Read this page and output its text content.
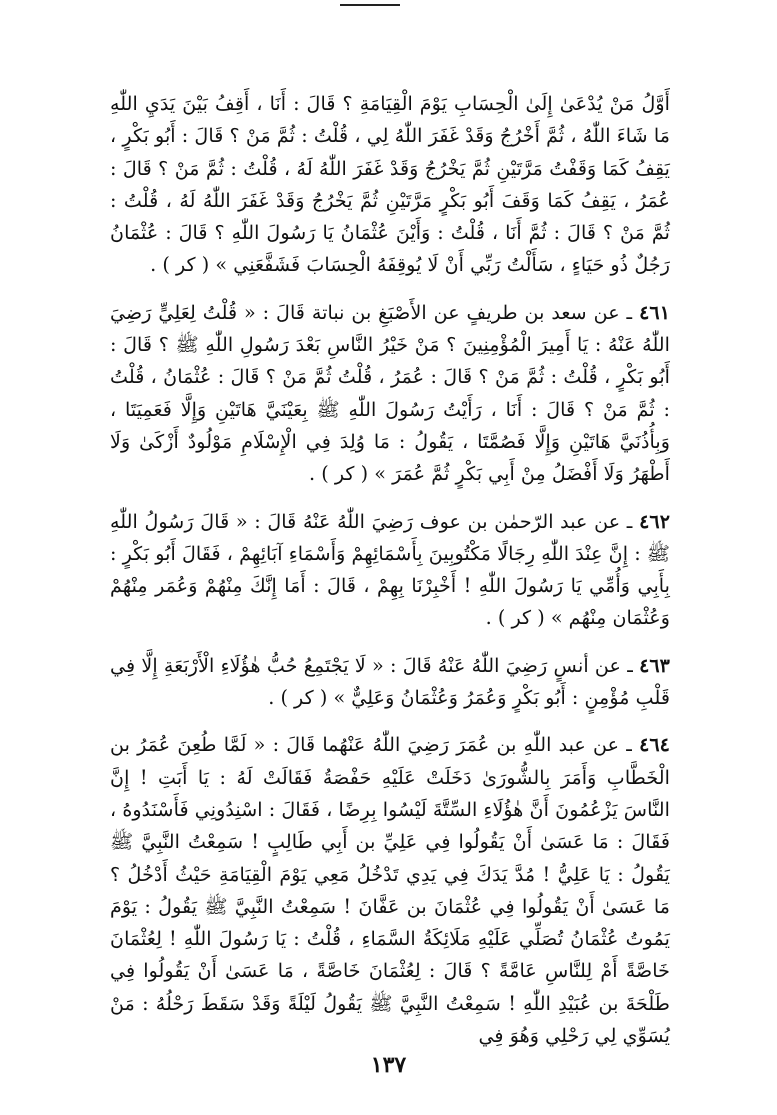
أَوَّلُ مَنْ يُدْعَىٰ إِلَىٰ الْحِسَابِ يَوْمَ الْقِيَامَةِ ؟ قَالَ : أَنَا ، أَقِفُ بَيْنَ يَدَيِ اللّٰهِ مَا شَاءَ اللّٰهُ ، ثُمَّ أَخْرُجُ وَقَدْ غَفَرَ اللّٰهُ لِي ، قُلْتُ : ثُمَّ مَنْ ؟ قَالَ : أَبُو بَكْرٍ ، يَقِفُ كَمَا وَقَفْتُ مَرَّتَيْنِ ثُمَّ يَخْرُجُ وَقَدْ غَفَرَ اللّٰهُ لَهُ ، قُلْتُ : ثُمَّ مَنْ ؟ قَالَ : عُمَرُ ، يَقِفُ كَمَا وَقَفَ أَبُو بَكْرٍ مَرَّتَيْنِ ثُمَّ يَخْرُجُ وَقَدْ غَفَرَ اللّٰهُ لَهُ ، قُلْتُ : ثُمَّ مَنْ ؟ قَالَ : ثُمَّ أَنَا ، قُلْتُ : وَأَيْنَ عُثْمَانُ يَا رَسُولَ اللّٰهِ ؟ قَالَ : عُثْمَانُ رَجُلٌ ذُو حَيَاءٍ ، سَأَلْتُ رَبِّي أَنْ لَا يُوقِفَهُ الْحِسَابَ فَشَفَّعَنِي » ( كر ) .

٤٦١ ـ عن سعد بن طريفٍ عن الأَصْبَغِ بن نباتة قَالَ : « قُلْتُ لِعَلِيٍّ رَضِيَ اللّٰهُ عَنْهُ : يَا أَمِيرَ الْمُؤْمِنِينَ ؟ مَنْ خَيْرُ النَّاسِ بَعْدَ رَسُولِ اللّٰهِ ﷺ ؟ قَالَ : أَبُو بَكْرٍ ، قُلْتُ : ثُمَّ مَنْ ؟ قَالَ : عُمَرُ ، قُلْتُ ثُمَّ مَنْ ؟ قَالَ : عُثْمَانُ ، قُلْتُ : ثُمَّ مَنْ ؟ قَالَ : أَنَا ، رَأَيْتُ رَسُولَ اللّٰهِ ﷺ بِعَيْنَيَّ هَاتَيْنِ وَإِلَّا فَعَمِيَتَا ، وَبِأُذُنَيَّ هَاتَيْنِ وَإِلَّا فَصُمَّتَا ، يَقُولُ : مَا وُلِدَ فِي الْإِسْلَامِ مَوْلُودٌ أَزْكَىٰ وَلَا أَطْهَرُ وَلَا أَفْضَلُ مِنْ أَبِي بَكْرٍ ثُمَّ عُمَرَ » ( كر ) .

٤٦٢ ـ عن عبد الرّحمٰن بن عوف رَضِيَ اللّٰهُ عَنْهُ قَالَ : « قَالَ رَسُولُ اللّٰهِ ﷺ : إِنَّ عِنْدَ اللّٰهِ رِجَالًا مَكْتُوبِينَ بِأَسْمَائِهِمْ وَأَسْمَاءِ آبَائِهِمْ ، فَقَالَ أَبُو بَكْرٍ : بِأَبِي وَأُمِّي يَا رَسُولَ اللّٰهِ ! أَخْبِرْنَا بِهِمْ ، قَالَ : أَمَا إِنَّكَ مِنْهُمْ وَعُمَر مِنْهُمْ وَعُثْمَان مِنْهُم » ( كر ) .

٤٦٣ ـ عن أنسٍ رَضِيَ اللّٰهُ عَنْهُ قَالَ : « لَا يَجْتَمِعُ حُبُّ هٰؤُلَاءِ الْأَرْبَعَةِ إِلَّا فِي قَلْبِ مُؤْمِنٍ : أَبُو بَكْرٍ وَعُمَرُ وَعُثْمَانُ وَعَلِيٌّ » ( كر ) .

٤٦٤ ـ عن عبد اللّٰهِ بن عُمَرَ رَضِيَ اللّٰهُ عَنْهُما قَالَ : « لَمَّا طُعِنَ عُمَرُ بن الْخَطَّابِ وَأَمَرَ بِالشُّورَىٰ دَخَلَتْ عَلَيْهِ حَفْصَةُ فَقَالَتْ لَهُ : يَا أَبَتِ ! إِنَّ النَّاسَ يَزْعُمُونَ أَنَّ هٰؤُلَاءِ السِّتَّةَ لَيْسُوا بِرِضًا ، فَقَالَ : اسْنِدُونِي فَأَسْنَدُوهُ ، فَقَالَ : مَا عَسَىٰ أَنْ يَقُولُوا فِي عَلِيِّ بن أَبِي طَالِبٍ ! سَمِعْتُ النَّبِيَّ ﷺ يَقُولُ : يَا عَلِيُّ ! مُدَّ يَدَكَ فِي يَدِي تَدْخُلُ مَعِي يَوْمَ الْقِيَامَةِ حَيْثُ أَدْخُلُ ؟ مَا عَسَىٰ أَنْ يَقُولُوا فِي عُثْمَانَ بن عَفَّانَ ! سَمِعْتُ النَّبِيَّ ﷺ يَقُولُ : يَوْمَ يَمُوتُ عُثْمَانُ تُصَلِّي عَلَيْهِ مَلَائِكَةُ السَّمَاءِ ، قُلْتُ : يَا رَسُولَ اللّٰهِ ! لِعُثْمَانَ خَاصَّةً أَمْ لِلنَّاسِ عَامَّةً ؟ قَالَ : لِعُثْمَانَ خَاصَّةً ، مَا عَسَىٰ أَنْ يَقُولُوا فِي طَلْحَةَ بن عُبَيْدِ اللّٰهِ ! سَمِعْتُ النَّبِيَّ ﷺ يَقُولُ لَيْلَةً وَقَدْ سَقَطَ رَحْلُهُ : مَنْ يُسَوِّي لِي رَحْلِي وَهُوَ فِي

١٣٧
